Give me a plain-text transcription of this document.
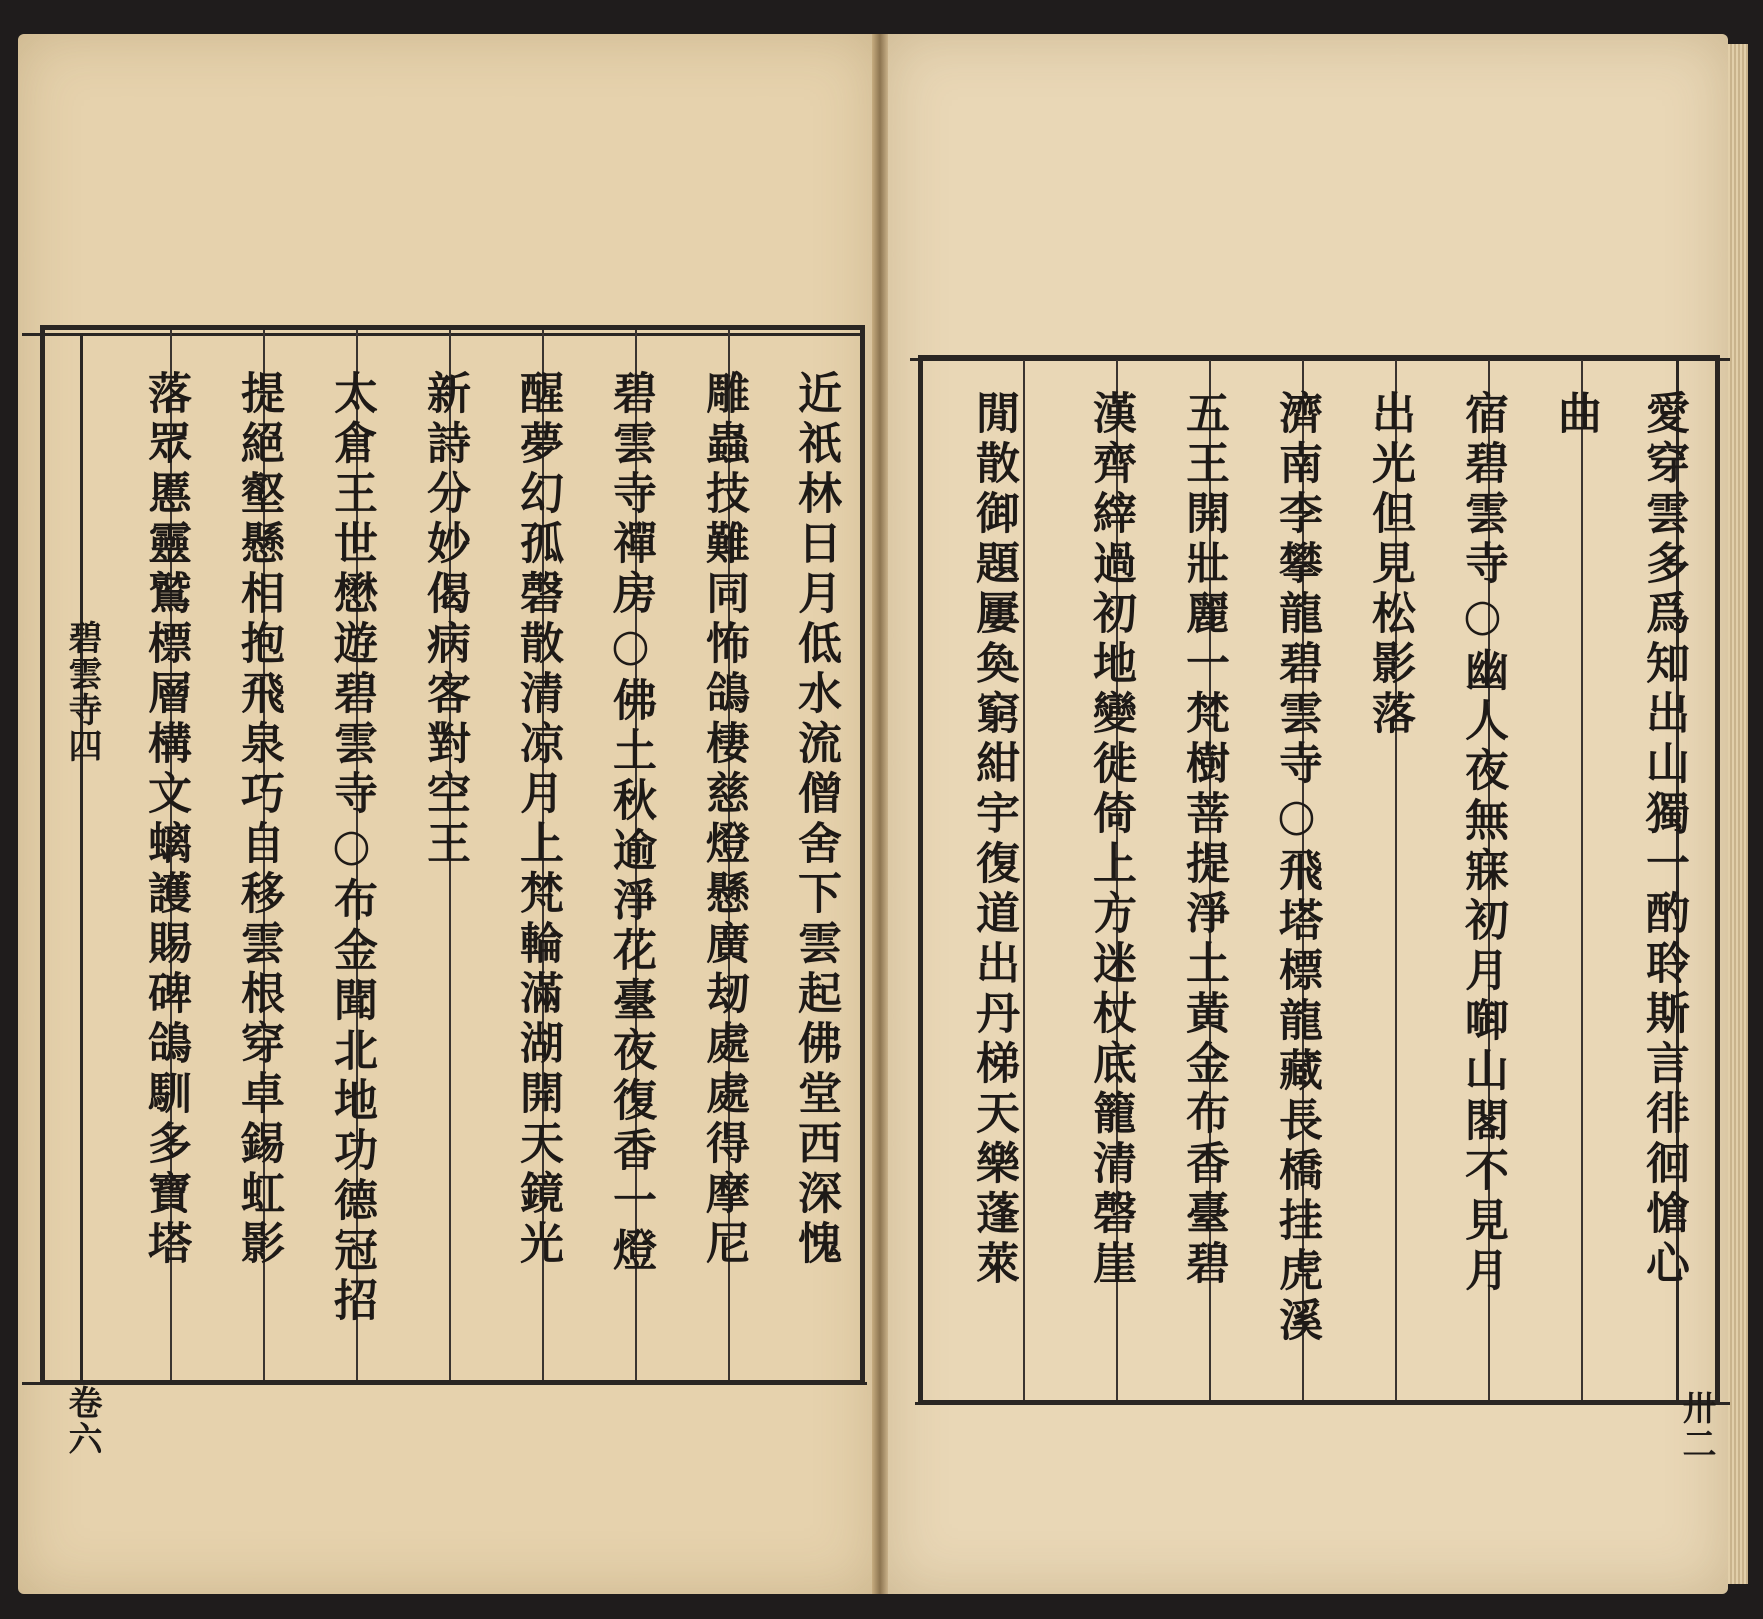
近祇林日月低水流僧舍下雲起佛堂西深愧
雕蟲技難同怖鴿棲慈燈懸廣刼處處得摩尼
碧雲寺禪房○佛土秋逾淨花臺夜復香一燈
醒夢幻孤磬散清凉月上梵輪滿湖開天鏡光
新詩分妙偈病客對空王
太倉王世懋遊碧雲寺○布金聞北地功德冠招
提絕壑懸相抱飛泉巧自移雲根穿卓錫虹影
落眾慝靈鷲標層構文螭護賜碑鴿馴多寶塔
碧雲寺四
卷六
愛穿雲多爲知出山獨一酌聆斯言徘徊愴心
曲
宿碧雲寺○幽人夜無寐初月啣山閣不見月
出光但見松影落
濟南李攀龍碧雲寺○飛塔標龍藏長橋挂虎溪
五王開壯麗一梵樹菩提淨土黃金布香臺碧
漢齊縡過初地變徙倚上方迷杖底籠清磬崖
閒散御題屢奐窮紺宇復道出丹梯天樂蓬萊
卅二
